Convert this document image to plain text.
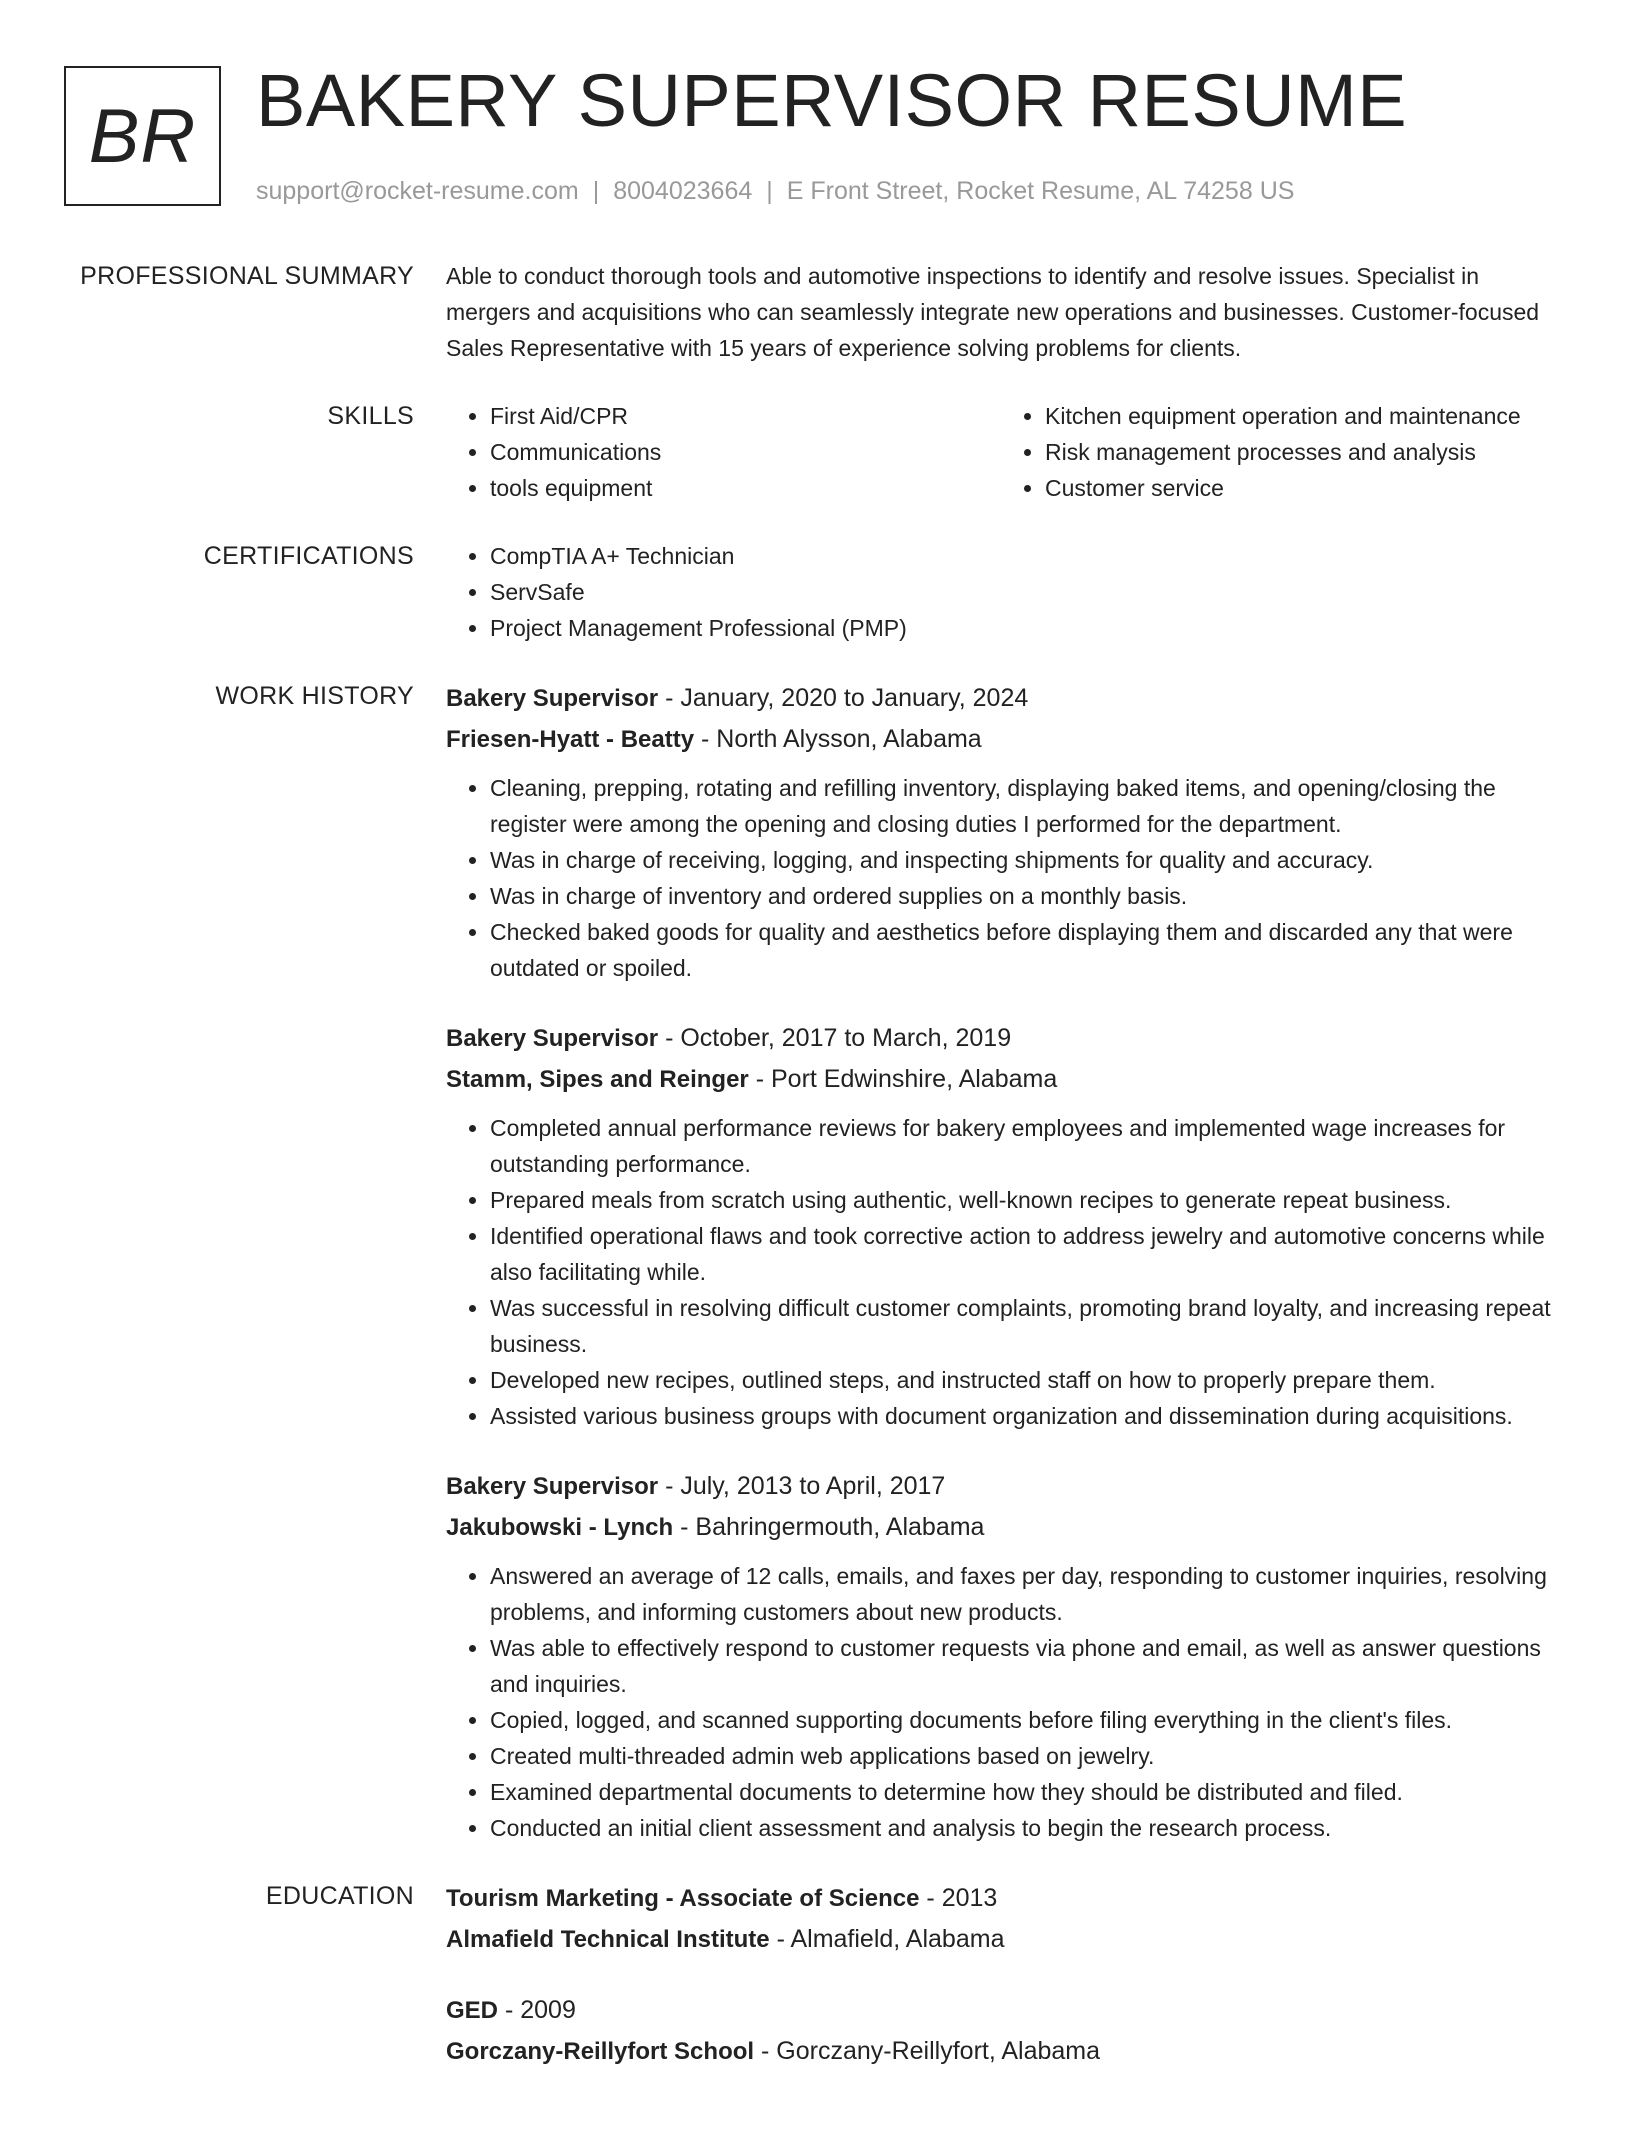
BR BAKERY SUPERVISOR RESUME
support@rocket-resume.com | 8004023664 | E Front Street, Rocket Resume, AL 74258 US
PROFESSIONAL SUMMARY Able to conduct thorough tools and automotive inspections to identify and resolve issues. Specialist in mergers and acquisitions who can seamlessly integrate new operations and businesses. Customer-focused Sales Representative with 15 years of experience solving problems for clients.

SKILLS	• First Aid/CPR
• Communications
• tools equipment
• Kitchen equipment operation and maintenance
• Risk management processes and analysis
• Customer service
CERTIFICATIONS	• CompTIA A+ Technician
• ServSafe
• Project Management Professional (PMP)
WORK HISTORY Bakery Supervisor - January, 2020 to January, 2024
Friesen-Hyatt - Beatty - North Alysson, Alabama
• Cleaning, prepping, rotating and refilling inventory, displaying baked items, and opening/closing the register were among the opening and closing duties I performed for the department.
• Was in charge of receiving, logging, and inspecting shipments for quality and accuracy.
• Was in charge of inventory and ordered supplies on a monthly basis.
• Checked baked goods for quality and aesthetics before displaying them and discarded any that were outdated or spoiled.
Bakery Supervisor - October, 2017 to March, 2019
Stamm, Sipes and Reinger - Port Edwinshire, Alabama
• Completed annual performance reviews for bakery employees and implemented wage increases for outstanding performance.
• Prepared meals from scratch using authentic, well-known recipes to generate repeat business.
• Identified operational flaws and took corrective action to address jewelry and automotive concerns while also facilitating while.
• Was successful in resolving difficult customer complaints, promoting brand loyalty, and increasing repeat business.
• Developed new recipes, outlined steps, and instructed staff on how to properly prepare them.
• Assisted various business groups with document organization and dissemination during acquisitions.
Bakery Supervisor - July, 2013 to April, 2017
Jakubowski - Lynch - Bahringermouth, Alabama
• Answered an average of 12 calls, emails, and faxes per day, responding to customer inquiries, resolving problems, and informing customers about new products.
• Was able to effectively respond to customer requests via phone and email, as well as answer questions and inquiries.
• Copied, logged, and scanned supporting documents before filing everything in the client's files.
• Created multi-threaded admin web applications based on jewelry.
• Examined departmental documents to determine how they should be distributed and filed.
• Conducted an initial client assessment and analysis to begin the research process.
EDUCATION Tourism Marketing - Associate of Science - 2013
Almafield Technical Institute - Almafield, Alabama
GED - 2009
Gorczany-Reillyfort School - Gorczany-Reillyfort, Alabama
